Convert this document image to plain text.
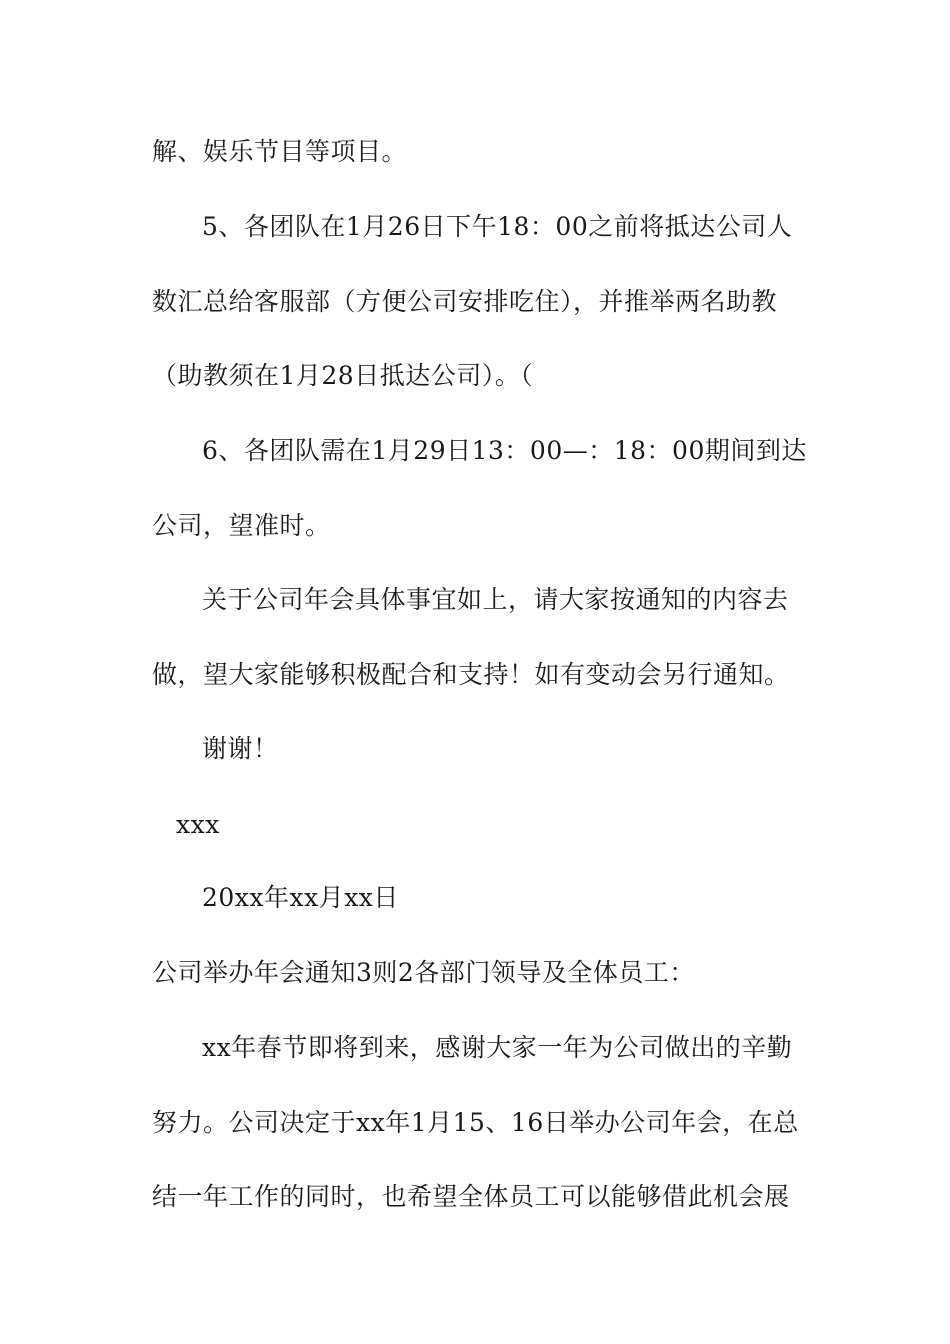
解、娱乐节目等项目。
5、各团队在1月26日下午18：00之前将抵达公司人
数汇总给客服部（方便公司安排吃住），并推举两名助教
（助教须在1月28日抵达公司）。（
6、各团队需在1月29日13：00—：18：00期间到达
公司，望准时。
关于公司年会具体事宜如上，请大家按通知的内容去
做，望大家能够积极配合和支持！如有变动会另行通知。
谢谢！
xxx
20xx年xx月xx日
公司举办年会通知3则2各部门领导及全体员工：
xx年春节即将到来，感谢大家一年为公司做出的辛勤
努力。公司决定于xx年1月15、16日举办公司年会，在总
结一年工作的同时，也希望全体员工可以能够借此机会展
